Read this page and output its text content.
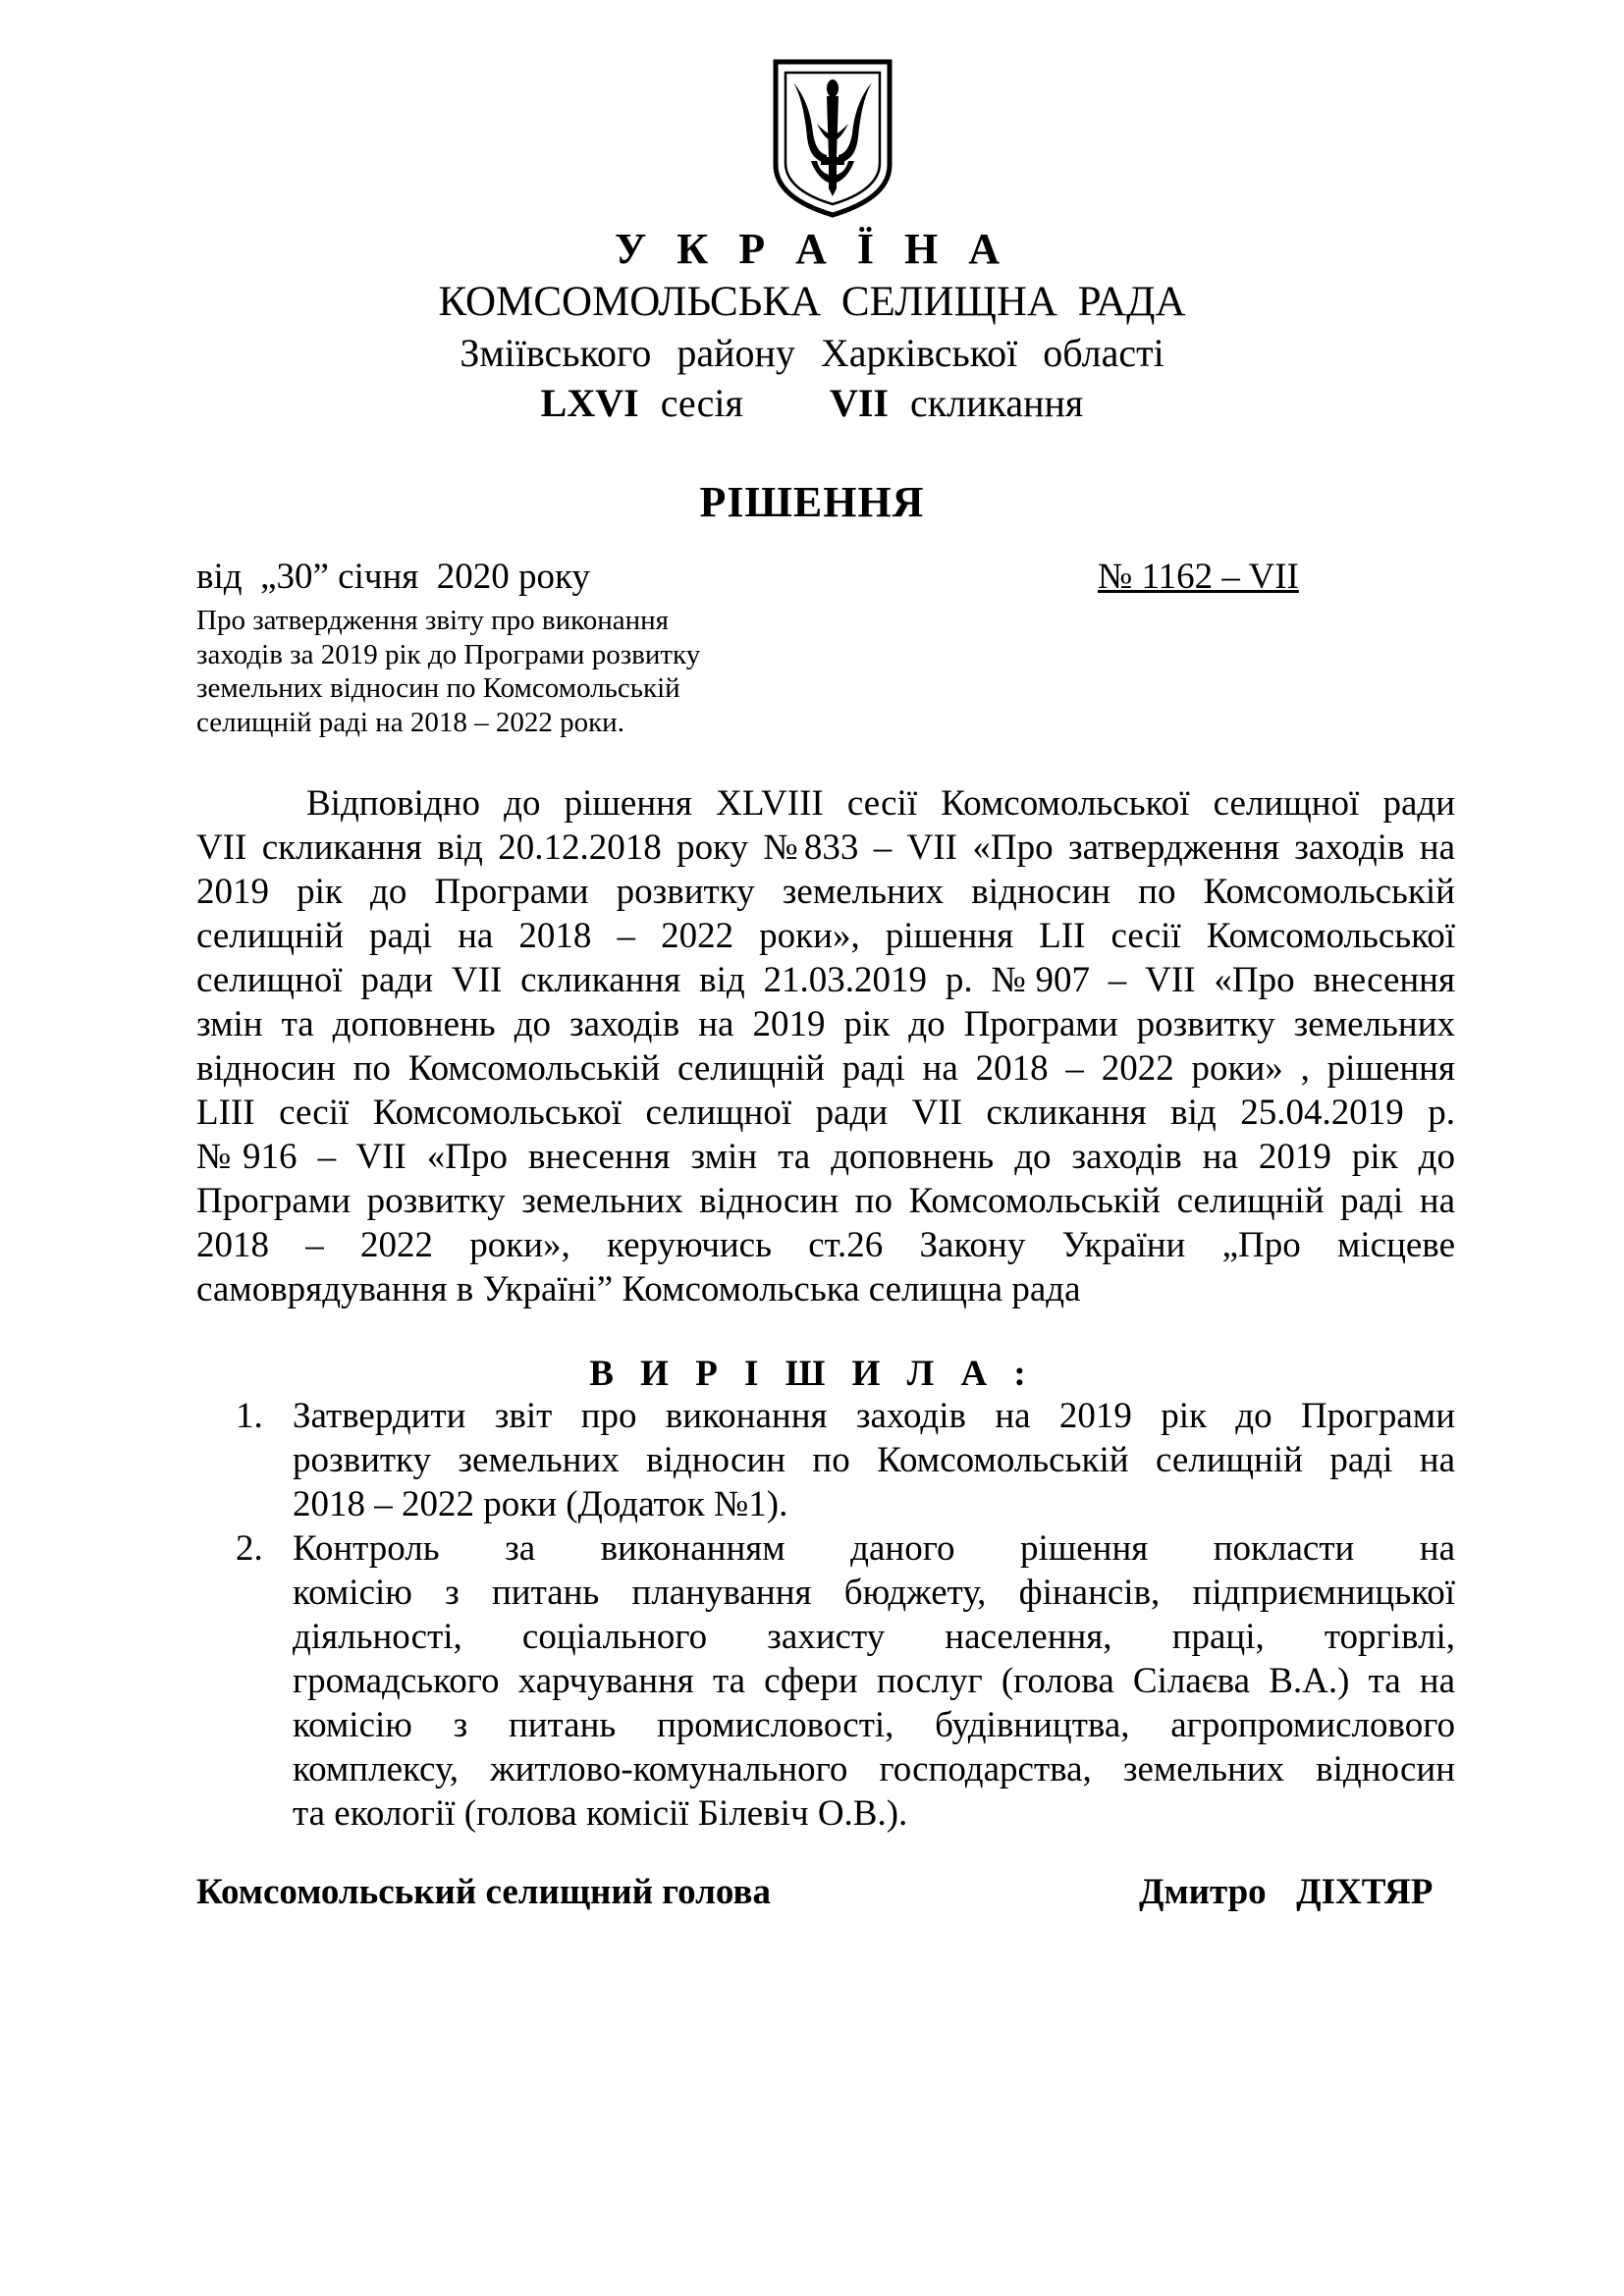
У К Р А Ї Н А
КОМСОМОЛЬСЬКА СЕЛИЩНА РАДА
Зміївського району Харківської області
LXVI сесія VII скликання
РІШЕННЯ
від  „30” січня  2020 року	№ 1162 – VII
Про затвердження звіту про виконання
заходів за 2019 рік до Програми розвитку
земельних відносин по Комсомольській
селищній раді на 2018 – 2022 роки.
Відповідно до рішення XLVIII сесії Комсомольської селищної ради
VII скликання від 20.12.2018 року №833 – VII «Про затвердження заходів на
2019 рік до Програми розвитку земельних відносин по Комсомольській
селищній раді на 2018 – 2022 роки», рішення LII сесії Комсомольської
селищної ради VII скликання від 21.03.2019 р. №907 – VII «Про внесення
змін та доповнень до заходів на 2019 рік до Програми розвитку земельних
відносин по Комсомольській селищній раді на 2018 – 2022 роки» , рішення
LIII сесії Комсомольської селищної ради VII скликання від 25.04.2019 р.
№916 – VII «Про внесення змін та доповнень до заходів на 2019 рік до
Програми розвитку земельних відносин по Комсомольській селищній раді на
2018 – 2022 роки», керуючись ст.26 Закону України „Про місцеве
самоврядування в Україні” Комсомольська селищна рада
В И Р І Ш И Л А :
1. Затвердити звіт про виконання заходів на 2019 рік до Програми
розвитку земельних відносин по Комсомольській селищній раді на
2018 – 2022 роки (Додаток №1).
2. Контроль за виконанням даного рішення покласти на
комісію з питань планування бюджету, фінансів, підприємницької
діяльності, соціального захисту населення, праці, торгівлі,
громадського харчування та сфери послуг (голова Сілаєва В.А.) та на
комісію з питань промисловості, будівництва, агропромислового
комплексу, житлово-комунального господарства, земельних відносин
та екології (голова комісії Білевіч О.В.).
Комсомольський селищний голова	Дмитро  ДІХТЯР
